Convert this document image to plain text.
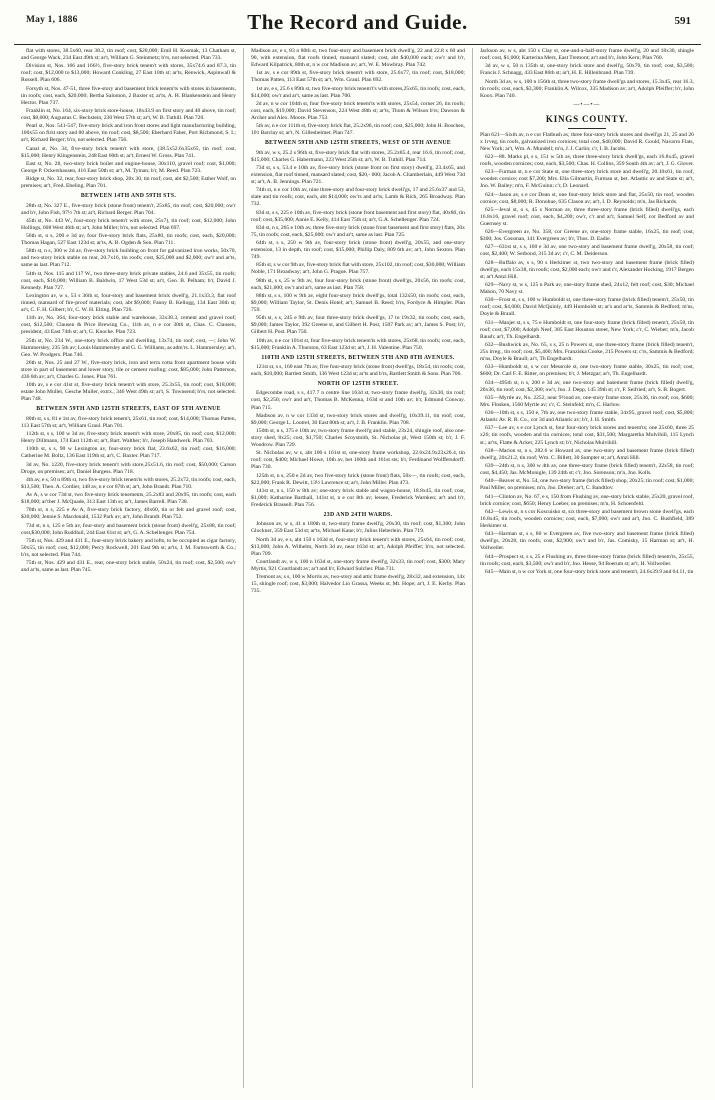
May 1, 1886	The Record and Guide.	591

flat with stores, 38.5x60, rear 38.2, tin roof; cost, $20,000; Emil H. Kosmak, 13 Chatham st, and George Wack, 234 East 49th st; ar't, William G. Steinmetz; b'rs, not selected. Plan 733.

Division st, Nos. 166 and 166½, five-story brick tenem't with stores, 35x74.6 and 87.3, tin roof; cost, $12,000 to $13,000; Howard Conkling, 27 East 10th st; ar'ts, Renwick, Aspinwall & Russell. Plan 606.

Forsyth st, Nos. 47-51, three five-story and basement brick tenem'ts with stores in basements, tin roofs; cost, each, $20,000; Bertha Salomon, 2 Baxter st; ar'ts, A. H. Blankenstein and Henry Hector. Plan 737.

Franklin st, No. 164, six-story brick store-house, 18x43.9 on first story and 40 above, tin roof; cost, $8,000; Augustus C. Bechstein, 230 West 57th st; ar't, W. B. Tuthill. Plan 720.

Pearl st, Nos. 541-547, five-story brick and iron front stores and light manufacturing building, 100x55 on first story and 80 above, tin roof; cost, $8,500; Eberhard Faber, Port Richmond, S. I.; ar't, Richard Berger; b'rs, not selected. Plan 756.

Canal st, No. 34, five-story brick tenem't with store, (38.5x52.6x35x65, tin roof; cost, $15,000; Henry Klingenstein, 248 East 60th st; ar't, Ernest W. Gross. Plan 741.

East st, No. 28, two-story brick boiler and engine-house, 30x110, gravel roof; cost, $1,000; George P. Ockershausen, 416 East 50th st; ar't, M. Tyman; b'r, M. Reed. Plan 723.

Ridge st, No. 32, rear, four-story brick shop, 20x 30, tin roof; cost, abt $2,500; Esther Wolf, on premises; ar't, Fred. Ebeling. Plan 701.

BETWEEN 14TH AND 59TH STS.

28th st, No. 327 E., five-story brick (stone front) tenem't, 25x85, tin roof; cost, $20,000; ow'r and b'r, John Fish, 97½ 7th st; ar't, Richard Berger. Plan 704.

45th st, No. 443 W., four-story brick tenem't with store, 25x7), tin roof; cost, $12,000; John Hollings, 608 West 46th st; ar't, John Miller; b'rs, not selected. Plan 697.

56th st, n s, 200 e 3d av, four five-story brick flats, 25x80, tin roofs; cost, each, $20,000; Thomas Hagan, 527 East 123d st; ar'ts, A. B. Ogden & Son. Plan 711.

58th st, n s, 300 w 2d av, five-story brick building on front for galvanized iron works, 50x70, and two-story brick stable on rear, 20.7x16, tin roofs; cost, $25,000 and $2,000; ow'r and ar'ts, same as last. Plan 712.

54th st, Nos. 115 and 117 W., two three-story brick private stables, 24.6 and 35x55, tin roofs; cost, each, $10,000; William B. Baldwin, 17 West 53d st; ar't, Geo. B. Pelham; b'r, David J. Kennedy. Plan 727.

Lexington av, w s, 53 s 36th st, four-story and basement brick dwell'g, 21.1x33.3, flat roof tinned, mansard of fire-proof materials; cost, abt $9,000; Fanny B. Kellogg, 134 East 36th st; ar't, C. F. H. Gilbert; b'r, C. W. H. Elting. Plan 726.

11th av, No. 364, four-story brick stable and warehouse, 33x38.3, cement and gravel roof; cost, $12,500; Clausen & Price Brewing Co., 11th av, n e cor 30th st, Chas. C. Clausen, president, 43 East 74th st; ar't, G. Knoche. Plan 723.

25th st, No. 234 W., one-story brick office and dwelling, 13x74, tin roof; cost, —; John W. Hammersley, 235 5th av; Louis Hammersley and G. G. Williams, as adm'rs. L. Hammersley; ar't, Geo. W. Prodgers. Plan 746.

26th st, Nos. 25 and 27 W., five-story brick, iron and terra cotta front apartment house with store in part of basement and lower story, tile or cement roofing; cost, $85,000; John Patterson, 436 6th av; ar't, Charles G. Jones. Plan 761.

10th av, s e cor 41st st, five-story brick tenem't with store, 25.3x55, tin roof; cost, $18,000; estate John Muller, Gesche Muller, extrx., 346 West 49th st; ar't, S. Townsend; b'rs, not selected. Plan 748.

BETWEEN 59TH AND 125TH STREETS, EAST OF 5TH AVENUE

80th st, s s, 81 e 1st av, five-story brick tenem't, 25x61, tin roof; cost, $14,000; Thomas Patten, 113 East 57th st; ar't, William Graul. Plan 701.

112th st, s s, 100 w 3d av, five-story brick tenem't with store, 20x85, tin roof; cost, $12,000; Henry Dillmann, 174 East 112th st; ar't, Bart. Walther; b'r, Joseph Handwerk. Plan 703.

110th st, s s, 90 w Lexington av, four-story brick flat, 23.6x62, tin roof; cost, $16,000; Catherine M. Boltz, 136 East 119th st; ar't, C. Baxter. Plan 717.

3d av, No. 1220, five-story brick tenem't with store,25x51.6, tin roof; cost, $50,000; Carson Droge, on premises; ar't, Daniel Burgess. Plan 718.

4th av, e s, 50 n 89th st, two five-story brick tenem'ts with stores, 25.2x72, tin roofs; cost, each, $13,500; Theo. A. Cordier, 148 av, n e cor 87th st; ar't, John Brandt. Plan 710.

Av A, s w cor 73d st, two five-story brick tenements, 25.2x83 and 20x95, tin roofs; cost, each $18,000; ar'tber J. McQuade, 313 East 13th st; ar't, James Barrell. Plan 738.

70th st, n s, 225 e Av A, five-story brick factory, 40x60, tin or felt and gravel roof; cost, $30,000; Jennie S. Macdonald, 1532 Park av; ar't, John Brandt. Plan 752.

73d st, n s, 125 e 5th av, four-story and basement brick (stone front) dwell'g, 25x88, tin roof; cost,$30,000; John Ruddluil, 244 East 61st st; ar't, G. A. Schellenger. Plan 754.

75th st, Nos. 429 and 431 E., four-story brick bakery and lofts, to be occupied as cigar factory, 50x55, tin roof; cost, $12,000; Percy Rockwell, 201 East 9th st; ar'ts, J. M. Farnsworth & Co.; b'rs, not selected. Plan 744.

75th st, Nos. 429 and 431 E., rear, one-story brick stable, 50x24, tin roof; cost, $2,500; ow'r and ar'ts, same as last. Plan 745.

Madison av, e s, 83 n 80th st, two four-story and basement brick dwell'g, 22 and 22.8 x 60 and 90, with extension, flat roofs tinned, mansard slated; cost, abt $40,000 each; ow'r and b'r, Edward Kilpatrick, 80th st, n w cor Madison av; ar't, W. E. Mowbray. Plan 742.

1st av, s e cor 89th st, five-story brick tenem't with store, 25.6x77, tin roof; cost, $18,000; Thomas Patten, 113 East 57th st; ar't, Wm. Graul. Plan 692.

1st av, e s, 25.6 s 89th st, two five-story brick tenem't's with stores,25x65, tin roofs; cost, each, $14,000; ow'r and ar't, same as last. Plan 700.

2d av, n w cor 104th st, four five-story brick tenem'ts with stores, 25x54, corner 26, tin roofs; cost, each, $19,000; David Stevenson, 224 West 48th st; ar'ts, Thom & Wilson b'rs; Dawson & Archer and Alex. Moore. Plan 753.

5th av, n e cor 111th st, five-story brick flat, 25.2x96, tin roof; cost, $25,000; John H. Boschen, 101 Barclay st; ar't, N. Gillesheimer. Plan 747.

BETWEEN 59TH AND 125TH STREETS, WEST OF 5TH AVENUE

9th av, w s, 25.2 s 96th st, five-story brick flat with stores, 25.2x85.4, rear 16.6, tin roof; cost, $15,000; Charles G. Habermann, 223 West 25th st; ar't, W. B. Tuthill. Plan 714.

73d st, s s, 53.4 e 10th av, five-story brick (stone front on first story) dwell'g, 23.4x65, and extension, flat roof tinned, mansard slated; cost, $20,- 000; Jacob A. Chamberlain, 449 West 73d st; ar't, A. B. Jennings. Plan 721.

74th st, n e cor 10th av, nine three-story and four-story brick dwell'gs, 17 and 25.6x37 and 53, slate and tin roofs; cost, each, abt $14,000; ow'rs and ar'ts, Lamb & Rich, 265 Broadway. Plan 732.

83d st, s s, 225 e 10th av, five-story brick (stone front basement and first story) flat, 40x80, tin roof; cost, $35,000; Annie E. Kelly, 414 East 75th st; ar't, G.A. Schellenger. Plan 724.

83d st, n s, 265 e 10th av, three five-story brick (stone front basement and first story) flats, 20x 75, tin roofs; cost, each, $25,000; ow'r and ar't, same as last. Plan 725.

64th st, s s, 250 w 9th av, four-story brick (stone front) dwell'g, 20x55, and one-story extension, 13 in depth, tin roof; cost, $15,000; Phillip Daly, 809 6th av; ar't, John Sexton. Plan 749.

85th st, s w cor 9th av, five-story brick flat with store, 25x102, tin roof; cost, $30,000; William Noble, 171 Broadway; ar't, John G. Prague. Plan 757.

98th st, s s, 25 w 9th av, four four-story brick (stone front) dwell'gs, 20x56, tin roofs; cost, each, $21,000; ow'r and ar't, same as last. Plan 758.

88th st, s s, 100 w 9th av, eight four-story brick dwell'gs, total 132x50, tin roofs; cost, each, $9,000; William Taylor, St. Denis Hotel; ar't, Samuel B. Reed; b'rs, Fordyce & Himpler. Plan 759.

95th st, s s, 245 e 9th av, four three-story brick dwell'gs, 17 to 19x32, tin roofs; cost, each, $9,000; James Taylor, 392 Greene st, and Gilbert H. Post, 1507 Park av; ar't, James S. Post; b'r, Gilbert H. Post. Plan 750.

10th av, n e cor 101st st, four five-story brick tenem'ts with stores, 25x68, tin roofs; cost, each, $15,000; Franklin A. Thurston, 63 East 123d st; ar't, J. H. Valentine. Plan 750.

110TH AND 125TH STREETS, BETWEEN 5TH AND 8TH AVENUES.

121st st, s s, 160 east 7th av, five four-story brick (stone front) dwell'gs, 18x54, tin roofs; cost, each, $10,000; Bartlett Smith, 136 West 123d st; ar'ts and b'rs, Bartlett Smith & Sons. Plan 706.

NORTH OF 125TH STREET.

Edgecombe road, s s, 417.7 n centre line 163d st, two-story frame dwell'g, 32x30, tin roof; cost, $2,250; ow'r and ar't, Thomas B. McKenna, 163d st and 10th av; b'r, Edmund Conway. Plan 715.

Madison av, n w cor 133d st, two-story brick stores and dwell'g, 10x39.11, tin roof; cost, $9,000; George L. Loutrel, 30 East 80th st; ar't, J. B. Franklin. Plan 708.

150th st, n s, 375 e 10th av, two-story frame dwell'g and stable, 23x24, shingle roof, also one-story shed, 8x25; cost, $1,750; Charles Scoysmith, St. Nicholas pl, West 150th st; b'r, J. F. Woodrow. Plan 729.

St. Nicholas av, w s, abt 100 s 161st st, one-story frame workshop, 22.6x24.9x23x20.4, tin roof; cost, $400; Michael Howe, 10th av, bet 160th and 161st sts; b'r, Ferdinand Wolffersdorff. Plan 730.

125th st, n s, 250 e 2d av, two five-story brick (stone front) flats, 50x—, tin roofs; cost, each, $22,000; Frank R. Dewitt, 13½ Lawrence st; ar't, John Miller. Plan 473.

141st st, n s, 150 w 8th av; one-story brick stable and wagon-house, 18.8x45, tin roof; cost, $1,000; Katharine Barthall, 141st st, n e cor 8th av; lessee, Frederick Warnken; ar't and b'r, Frederick Brassell. Plan 756.

23D AND 24TH WARDS.

Johnson av, w s, 41 n 180th st, two-story frame dwell'g, 20x30, tin roof; cost, $1,300; John Glockner, 359 East 53d st; ar'ts, Michael Kane; b'r, Julius Heberlein. Plan 719.

North 3d av, e s, abt 150 s 163d st, four-story brick tenem't with stores, 25x64, tin roof; cost, $13,000; John A. Wilhelm, North 3d av, near 163d st; ar't, Adolph Pfeiffer; b'rs, not selected. Plan 709.

Courtlandt av, w s, 100 n 163d st, one-story frame dwell'g, 32x33, tin roof; cost, $300; Mary Myrtis, 921 Courtlandt av; ar't and b'r, Edward Sulcher. Plan 731.

Tremont av, s s, 100 w Morris av, two-story and attic frame dwell'g, 28x32, and extension, 14x 15, shingle roof; cost, $3,000; Halvedor Lio Grassa, Weeks st, Mt. Hope; ar't, J. E. Kerby. Plan 735.

Jackson av, w s, abt 150 s Clay st, one-and-a-half-story frame dwell'g, 20 and 18x30, shingle roof; cost, $1,000; Karterina Merz, East Tremont; ar't and b'r, John Kern; Plan 760.

3d av, w s, 50 n 135th st, one-story brick store and dwell'g, 50x70, tin roof; cost, $3,500; Francis J. Schnagg, 433 East 86th st; ar't, H. E. Hillenbrand. Plan 739.

North 3d av, w s, 100 n 156th st, three two-story frame dwell'gs and stores, 15.3x45, rear 16.3, tin roofs; cost, each, $3,300; Franklin A. Wilcox, 335 Madison av; ar't, Adolph Pfeiffer; b'r, John Knox. Plan 740.

—•—•—
KINGS COUNTY.

Plan 621—Sixth av, n e cor Flatbush av, three four-story brick stores and dwell'gs 21, 25 and 26 x 1rveg, tin roofs, galvanized iron cornices; total cost, $40,000; David R. Gould, Navarro Flats, New York; ar't, Wm. A. Mundell; m'n, J. J. Carlin; c'r, I. B. Jacobs.

622—88. Marks pl, s s, 151 w 5th av, three three-story brick dwell'gs, each 16.8x45, gravel roofs, wooden cornices; cost, each, $3,500; Chas. H. Collins, 359 South 4th av; ar't, J. G. Glover.

623—Furman st, n e cor State st, one three-story brick store and dwell'g, 20.10x61, tin roof, wooden cornice; cost $7,200; Mrs. Ella Gilmartin, Furman st, bet. Atlantic av and State st; ar't, Jno. W. Bailey; m'n, F. McGuinn; c'r, D. Leonard.

624—Jason av, s e cor Dean st, one four-story brick store and flat, 25x50, tin roof, wooden cornice; cost, $8,000; R. Donohue, 635 Clason av; ar't, I. D. Reynolds; m'n, Jas Rickards.

625—Jeval st, o s, 45 s Norman av, three three-story frame (brick filled) dwell'gs, each 16.8x16, gravel roof; cost, each, $4,200; ow'r, c'r and ar't, Samuel Self, cor Bedford av and Guernsey st.

626—Evergreen av, No. 358, cor Greene av, one-story frame stable, 16x25, tin roof; cost, $300; Jos. Cossman, 141 Evergreen av; b'r, Thos. D. Eadie.

627—631st st, s s, 160 e 3d av, one two-story and basement frame dwell'g, 20x58, tin roof; cost, $2,400; W. Serbond, 315 3d av; c'r, C. M. Deiderson.

628—Buffalo av, s s, 90 s Herkimer st, two two-story and basement frame (brick filled) dwell'gs, each 15x38, tin roofs; cost, $2,000 each; ow'r and c'r, Alexander Hocking, 1917 Bergen st; ar't Amzi Hill.

629—Navy st, w s, 125 n Park av, one-story frame shed, 24x12, felt roof; cost, $30; Michael Mahon, 70 Navy st.

630—Frost st, s s, 100 w Humboldt st, one three-story frame (brick filled) tenem't, 25x50, tin roof; cost, $4,000; David McQuinly, 449 Humboldt st; ar's and ar'ts, Sammis & Bedford; m'ns, Doyle & Braull.

631—Manjer st, s s, 75 e Humboldt st, one four-story frame (brick filled) tenem't, 25x58, tin roof; cost, $7,000; Adolph Neef, 385 East Houston street, New York; c'r, C. Wieber; m'n, Jacob Raush; ar't, Th. Engelhardt.

632—Bushwick av, No. 65, s s, 25 n Powers st, one three-story frame (brick filled) tenem't, 25x irreg., tin roof; cost, $5,400; Mrs. Franziska Cooke, 215 Powers st; c'rs, Sammis & Bedford; m'ns, Doyle & Braull; ar't, Th Engelhardt.

633—Humboldt st, s w cor Messrole st, one two-story frame stable, 30x25, tin roof; cost, $600; Dr. Carl F. E. Ritter, on premises; b'r, J. Metzgar; ar't, Th. Engelhardt.

634—495th st, n s, 200 e 3d av, one two-story and basement frame (brick filled) dwell'g, 20x36, tin roof; cost, $2,300; ow'r, Jno. J. Depp, 145 39th st; c'r, F. Seifried; ar't, S. B. Bogert.

635—Myrtle av, No. 2252, near 9½oad av, one-story frame store, 25x36, tin roof; cos, $600; Mrs. Flnsken, 1560 Myrtle av; c'r, C. Steinfeld; m'n, C. Harlow.

636—10th st, s s, 150 e, 7th av, one two-story frame stable, 34x95, gravel roof; cost, $5,800; Atlantic Av. R. R. Co., cor 3d and Atlantic av; b'r, J. H. Smith.

637—Lee av, s e cor Lynch st, four four-story brick stores and tenem'ts; one 25x60, three 25 x26; tin roofs, wooden and tin cornices; total cost, $31,500; Margaretha Mulvihill, 115 Lynch st.; ar'ts, Flatte & Acker, 225 Lynch st; b'r, Nicholas Mulvihill.

638—Marion st, n s, 282.6 w Howard av, one two-story and basement frame (brick filled) dwell'g, 20x21.2, tin roof; Wm. C. Billett, 30 Sumpter st; ar't, Amzi Hill.

639—24th st, n s, 300 w 4th av, one three-story frame (brick filled) tenem't, 22x58, tin roof; cost, $4,450; Jas. McMonigle, 139 24th st; c'r, Jno. Sorenson; m'n, Jno. Kolls.

640—Beaver st, No. 54, one two-story frame (brick filled) shop, 20x25; tin roof; cost, $1,000; Paul Miller, on premises; m'n, Jno. Dreher; ar't, C. Bandtlov.

641—Clinton av, No. 67, e s, 150 from Flushing av, one-story brick stable, 25x20, gravel roof, brick cornice; cost, $650; Henry Loeber, on premises; m'n, H. Schoenfeld.

642—Lewis st, n s cor Koscuisko st, six three-story and basement brown stone dwell'gs, each 16.8x45, tin roofs, wooden cornices; cost, each, $7,000; ow'r and ar't, Jno. C. Bushfield, 389 Herkimer st.

643—Harman st, s s, 80 w Evergreen av, five two-story and basement frame (brick filled) dwell'gs, 20x28, tin roofs; cost, $2,900; ow'r and b'r, Jas. Comisky, 15 Harman st; ar't, H. Vollweiler.

644—Prospect st, s s, 25 e Flushing av, three three-story frame (brick filled) tenem'ts, 25x55, tin roofs; cost, each, $3,500; ow'r and b'r, Jno. Hesse, 94 Boerum st; ar't, H. Vollweiler.

645—Main st, n w cor York st, one four-story brick store and tenem't, 24.6x39.9 and 64.11, tin
